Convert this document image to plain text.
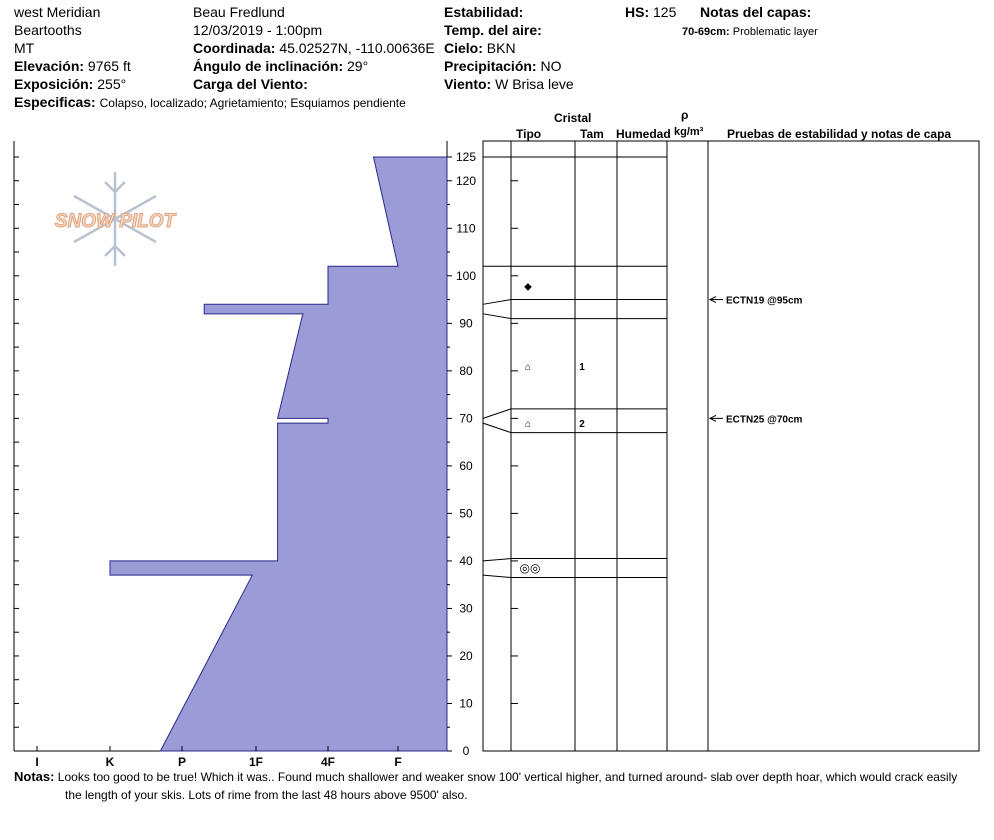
west Meridian
Beartooths
MT
Elevación: 9765 ft
Exposición: 255°
Especificas: Colapso, localizado; Agrietamiento; Esquiamos pendiente
Beau Fredlund
12/03/2019 - 1:00pm
Coordinada: 45.02527N, -110.00636E
Ángulo de inclinación: 29°
Carga del Viento:
Estabilidad:
Temp. del aire:
Cielo: BKN
Precipitación: NO
Viento: W Brisa leve
HS: 125 Notas del capas:
70-69cm: Problematic layer
Cristal
Tipo	Tam Humedad
ρ
kg/m³ Pruebas de estabilidad y notas de capa
SNOW PILOT
0
10
20
30
40
50
60
70
80
90
100
110
120
125
I	K	P	1F	4F	F
◆
⌂	1
⌂	2
◎◎
ECTN19 @95cm
ECTN25 @70cm
Notas: Looks too good to be true! Which it was.. Found much shallower and weaker snow 100' vertical higher, and turned around- slab over depth hoar, which would crack easily
the length of your skis. Lots of rime from the last 48 hours above 9500' also.
